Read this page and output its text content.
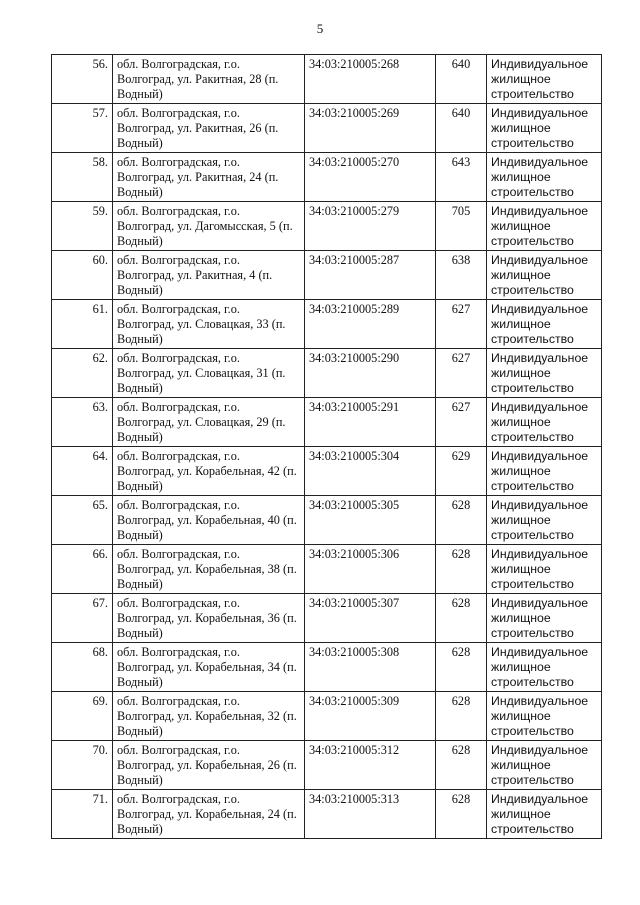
5
56.	обл. Волгоградская, г.о. Волгоград, ул. Ракитная, 28 (п. Водный)	34:03:210005:268	640	Индивидуальное жилищное строительство
57.	обл. Волгоградская, г.о. Волгоград, ул. Ракитная, 26 (п. Водный)	34:03:210005:269	640	Индивидуальное жилищное строительство
58.	обл. Волгоградская, г.о. Волгоград, ул. Ракитная, 24 (п. Водный)	34:03:210005:270	643	Индивидуальное жилищное строительство
59.	обл. Волгоградская, г.о. Волгоград, ул. Дагомысская, 5 (п. Водный)	34:03:210005:279	705	Индивидуальное жилищное строительство
60.	обл. Волгоградская, г.о. Волгоград, ул. Ракитная, 4 (п. Водный)	34:03:210005:287	638	Индивидуальное жилищное строительство
61.	обл. Волгоградская, г.о. Волгоград, ул. Словацкая, 33 (п. Водный)	34:03:210005:289	627	Индивидуальное жилищное строительство
62.	обл. Волгоградская, г.о. Волгоград, ул. Словацкая, 31 (п. Водный)	34:03:210005:290	627	Индивидуальное жилищное строительство
63.	обл. Волгоградская, г.о. Волгоград, ул. Словацкая, 29 (п. Водный)	34:03:210005:291	627	Индивидуальное жилищное строительство
64.	обл. Волгоградская, г.о. Волгоград, ул. Корабельная, 42 (п. Водный)	34:03:210005:304	629	Индивидуальное жилищное строительство
65.	обл. Волгоградская, г.о. Волгоград, ул. Корабельная, 40 (п. Водный)	34:03:210005:305	628	Индивидуальное жилищное строительство
66.	обл. Волгоградская, г.о. Волгоград, ул. Корабельная, 38 (п. Водный)	34:03:210005:306	628	Индивидуальное жилищное строительство
67.	обл. Волгоградская, г.о. Волгоград, ул. Корабельная, 36 (п. Водный)	34:03:210005:307	628	Индивидуальное жилищное строительство
68.	обл. Волгоградская, г.о. Волгоград, ул. Корабельная, 34 (п. Водный)	34:03:210005:308	628	Индивидуальное жилищное строительство
69.	обл. Волгоградская, г.о. Волгоград, ул. Корабельная, 32 (п. Водный)	34:03:210005:309	628	Индивидуальное жилищное строительство
70.	обл. Волгоградская, г.о. Волгоград, ул. Корабельная, 26 (п. Водный)	34:03:210005:312	628	Индивидуальное жилищное строительство
71.	обл. Волгоградская, г.о. Волгоград, ул. Корабельная, 24 (п. Водный)	34:03:210005:313	628	Индивидуальное жилищное строительство
